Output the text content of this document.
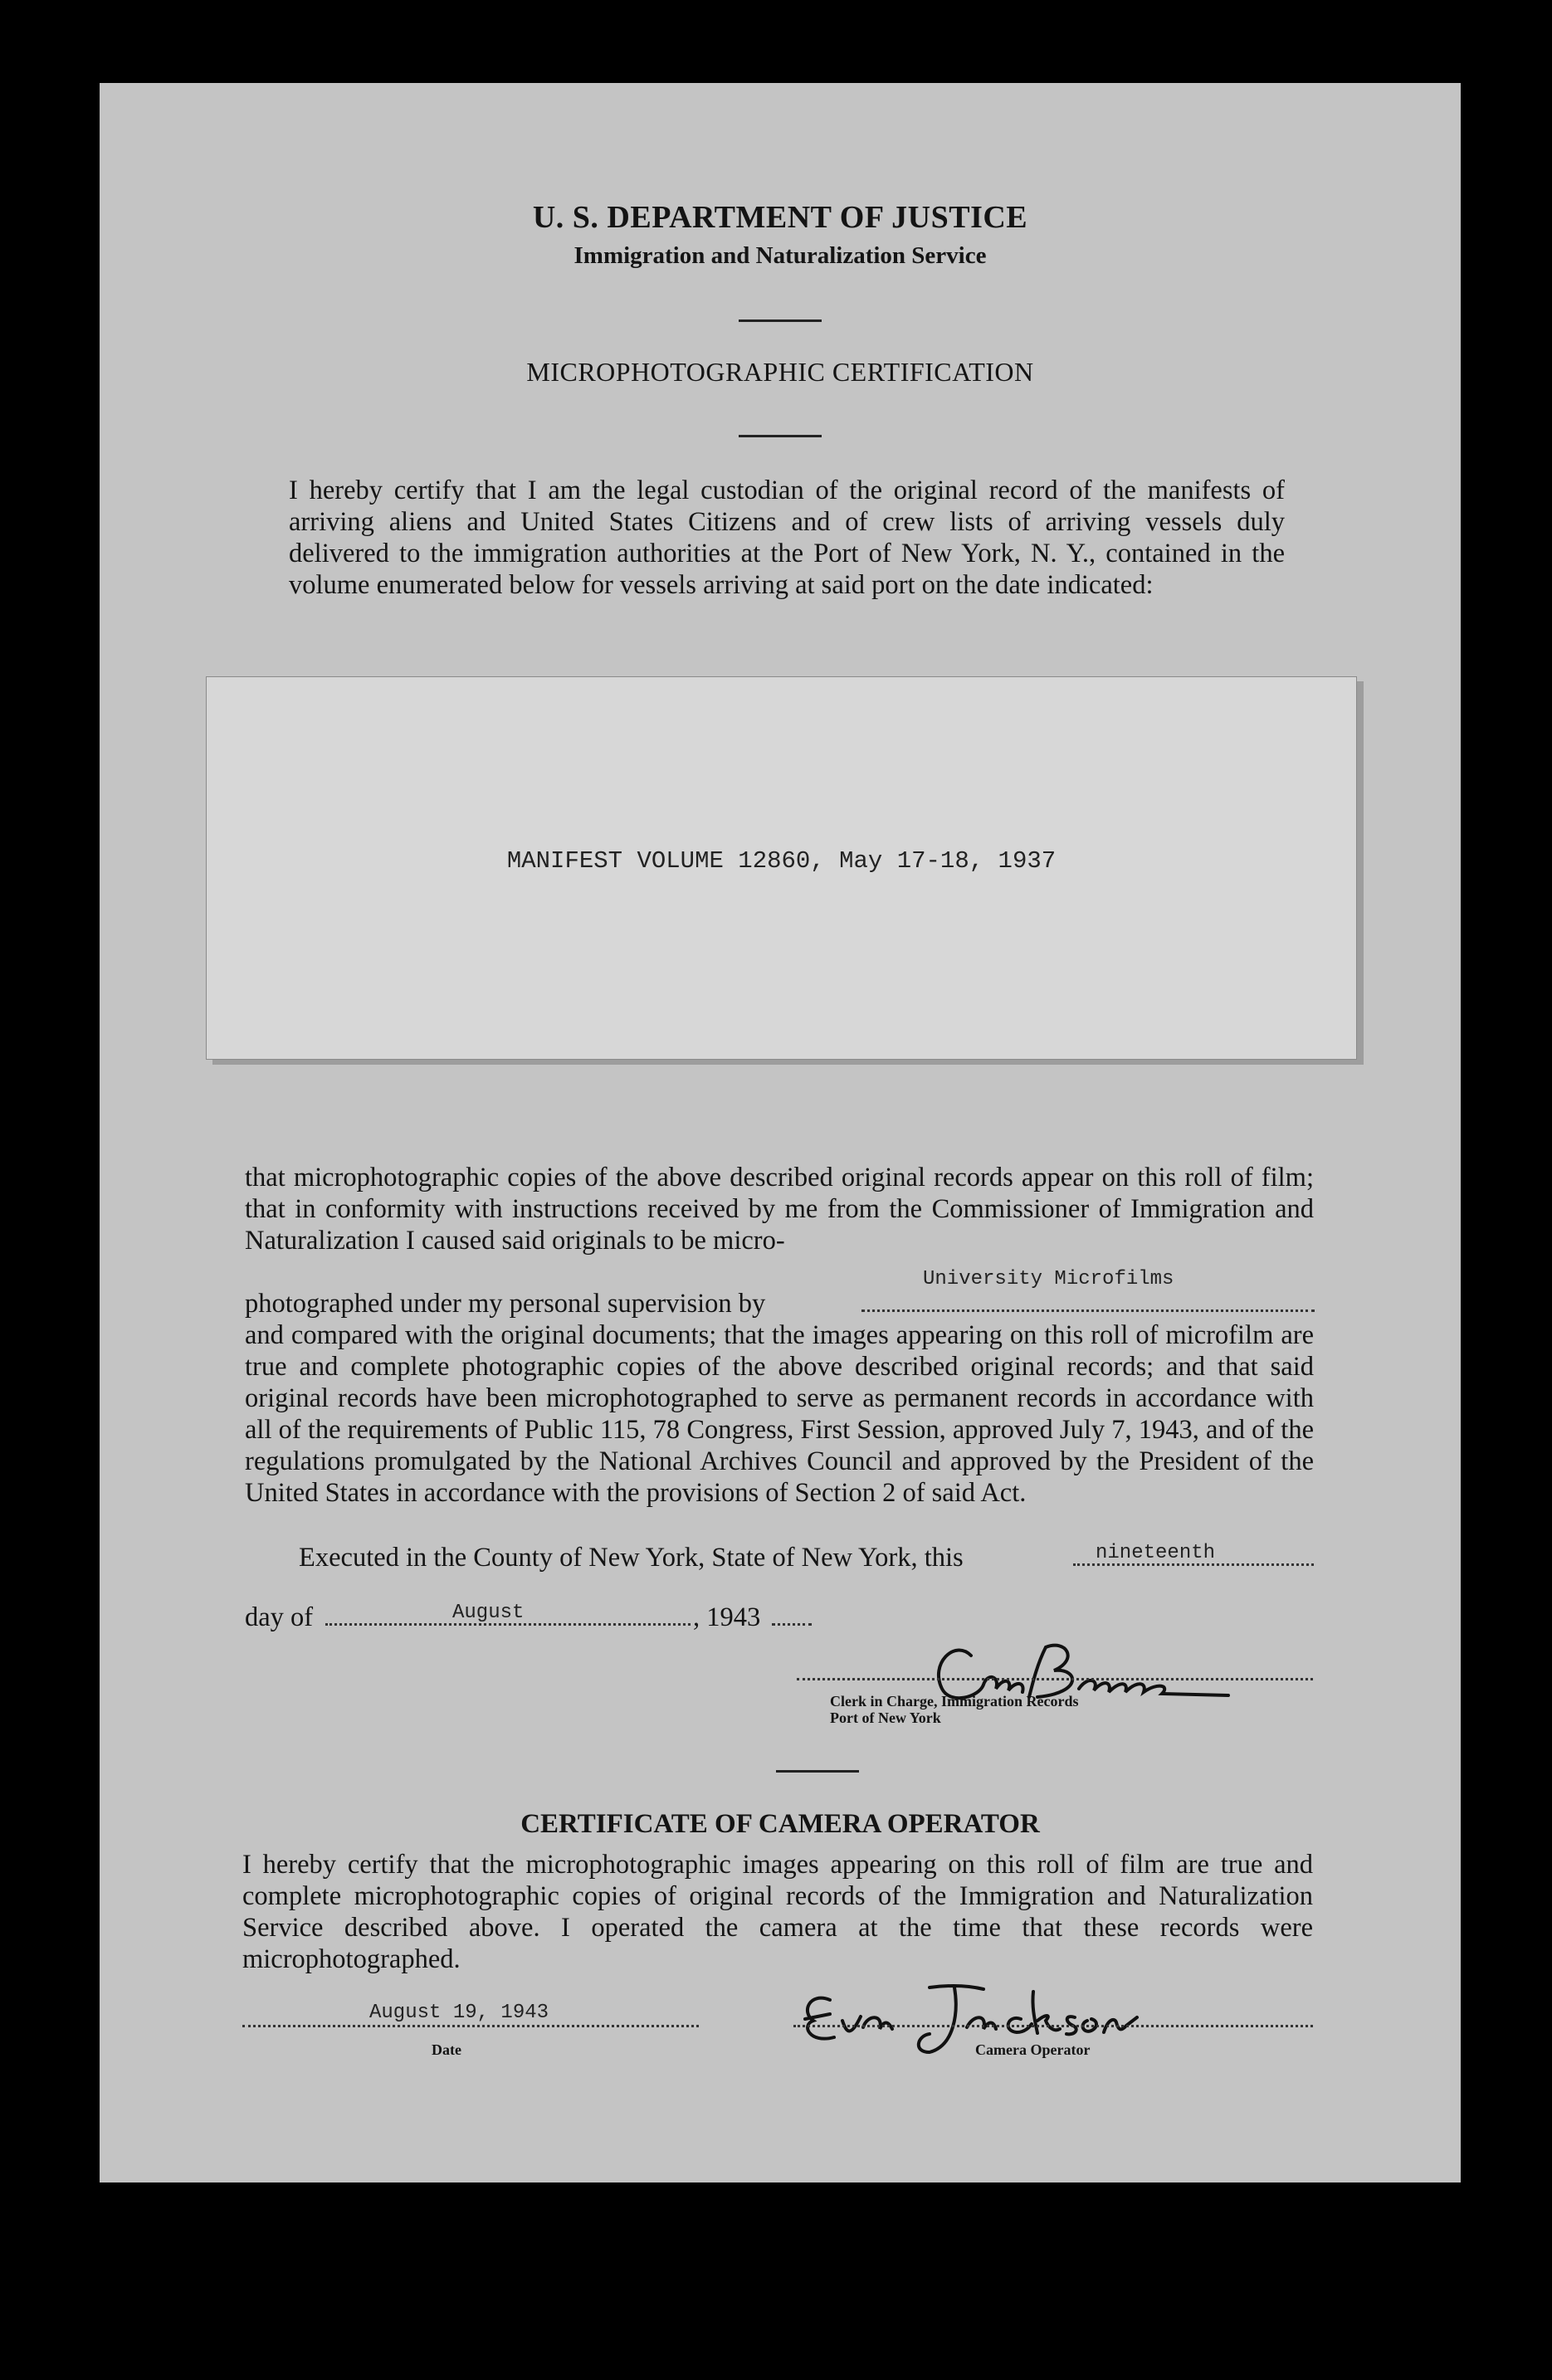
U. S. DEPARTMENT OF JUSTICE
Immigration and Naturalization Service
MICROPHOTOGRAPHIC CERTIFICATION
I hereby certify that I am the legal custodian of the original record of the manifests of arriving aliens and United States Citizens and of crew lists of arriving vessels duly delivered to the immigration authorities at the Port of New York, N. Y., contained in the volume enumerated below for vessels arriving at said port on the date indicated:
MANIFEST VOLUME 12860, May 17-18, 1937
that microphotographic copies of the above described original records appear on this roll of film; that in conformity with instructions received by me from the Commissioner of Immigration and Naturalization I caused said originals to be micro-
photographed under my personal supervision by
University Microfilms
and compared with the original documents; that the images appearing on this roll of microfilm are true and complete photographic copies of the above described original records; and that said original records have been microphotographed to serve as permanent records in accordance with all of the requirements of Public 115, 78 Congress, First Session, approved July 7, 1943, and of the regulations promulgated by the National Archives Council and approved by the President of the United States in accordance with the provisions of Section 2 of said Act.
Executed in the County of New York, State of New York, this	nineteenth
day of	August	, 1943
Clerk in Charge, Immigration Records
Port of New York
CERTIFICATE OF CAMERA OPERATOR
I hereby certify that the microphotographic images appearing on this roll of film are true and complete microphotographic copies of original records of the Immigration and Naturalization Service described above. I operated the camera at the time that these records were microphotographed.
August 19, 1943
Date	Camera Operator
